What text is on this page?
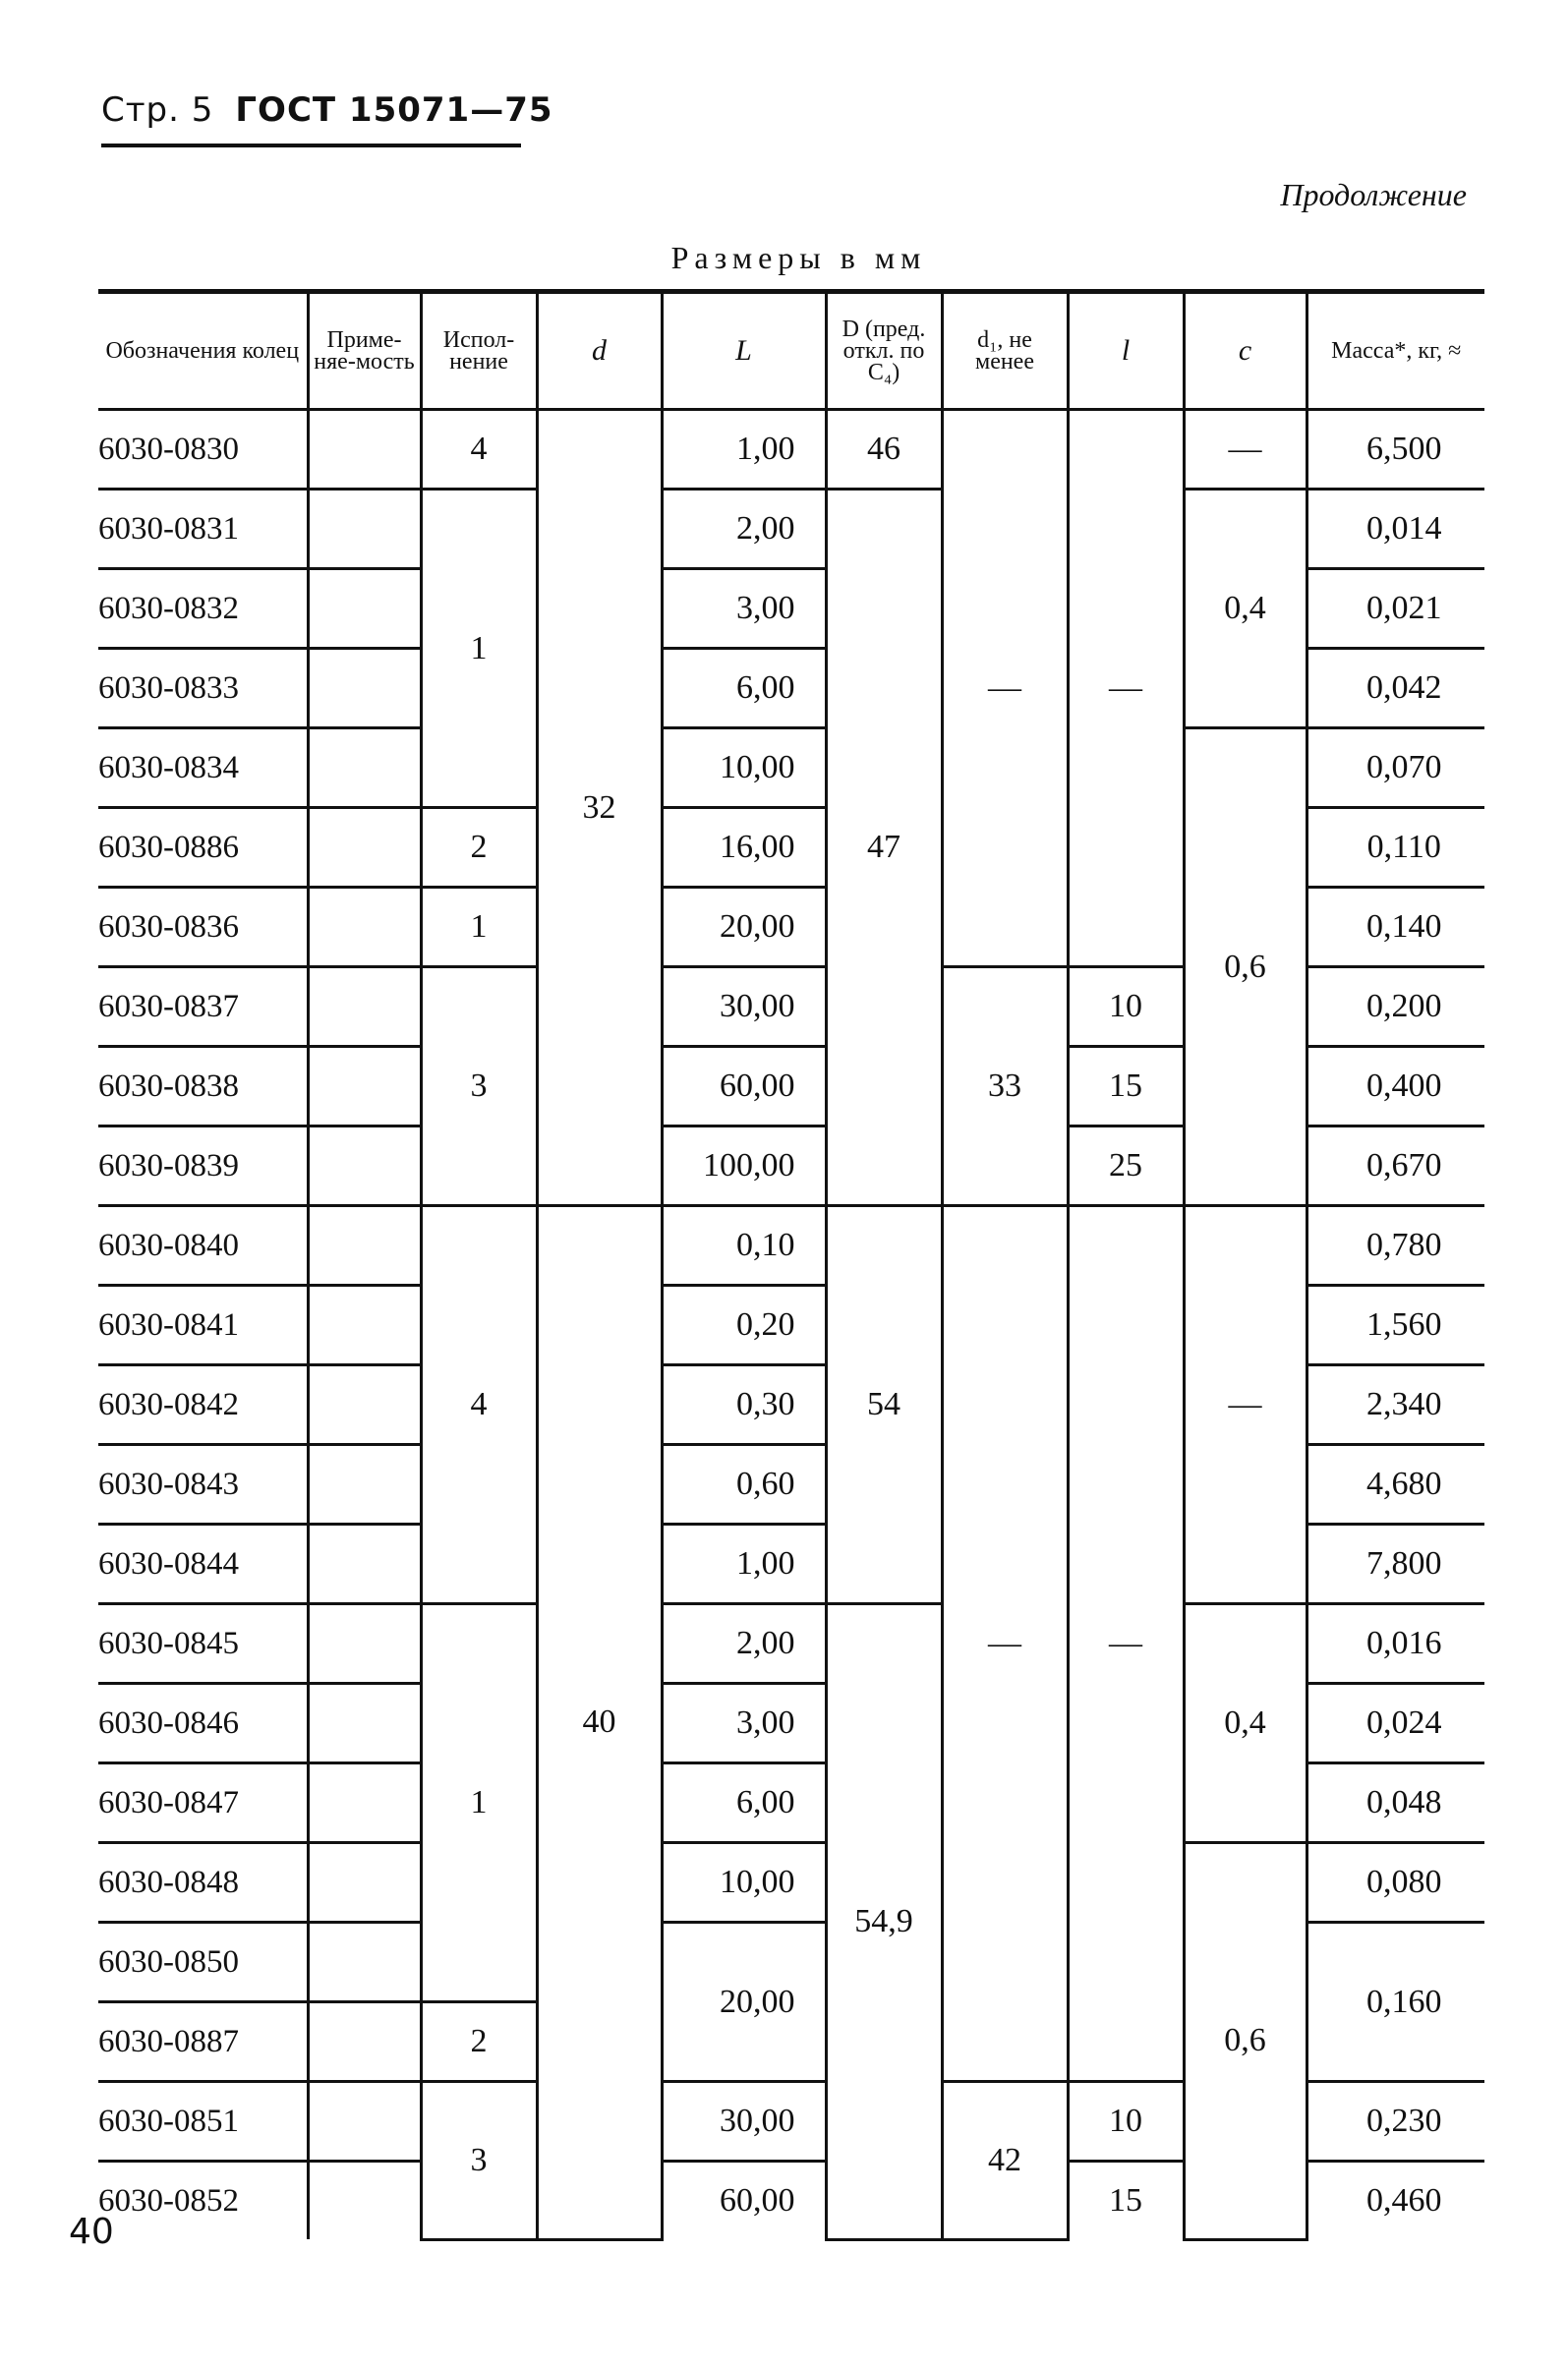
Стр. 5 ГОСТ 15071—75
Продолжение
Размеры в мм
Обозначения колец	Приме-няе-мость	Испол-нение	d	L	D (пред. откл. по C₄)	d₁, не менее	l	c	Масса*, кг, ≈
6030-0830		4	32	1,00	46	—	—	—	6,500
6030-0831		1		2,00	47			0,4	0,014
6030-0832				3,00					0,021
6030-0833				6,00					0,042
6030-0834				10,00				0,6	0,070
6030-0886		2		16,00					0,110
6030-0836		1		20,00					0,140
6030-0837		3		30,00		33	10		0,200
6030-0838				60,00			15		0,400
6030-0839				100,00			25		0,670
6030-0840		4	40	0,10	54	—	—	—	0,780
6030-0841				0,20					1,560
6030-0842				0,30					2,340
6030-0843				0,60					4,680
6030-0844				1,00					7,800
6030-0845		1		2,00	54,9			0,4	0,016
6030-0846				3,00					0,024
6030-0847				6,00					0,048
6030-0848				10,00				0,6	0,080
6030-0850				20,00					0,160
6030-0887		2							
6030-0851		3		30,00		42	10		0,230
6030-0852				60,00			15		0,460
40
